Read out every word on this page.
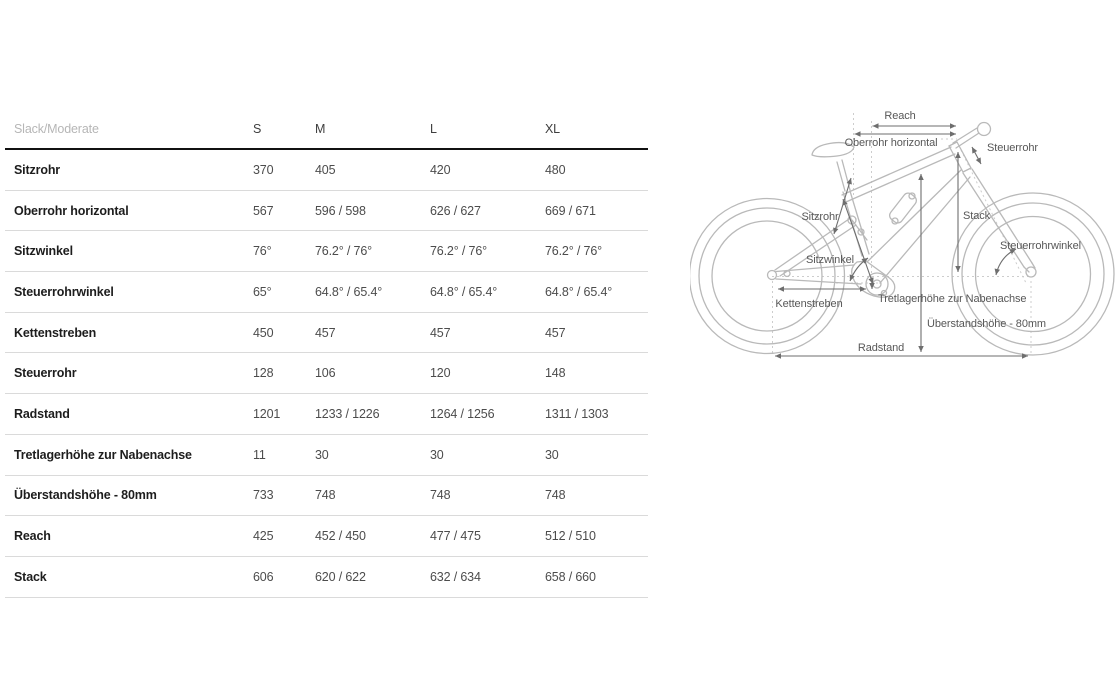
Slack/Moderate	S	M	L	XL
Sitzrohr	370	405	420	480
Oberrohr horizontal	567	596 / 598	626 / 627	669 / 671
Sitzwinkel	76°	76.2° / 76°	76.2° / 76°	76.2° / 76°
Steuerrohrwinkel	65°	64.8° / 65.4°	64.8° / 65.4°	64.8° / 65.4°
Kettenstreben	450	457	457	457
Steuerrohr	128	106	120	148
Radstand	1201	1233 / 1226	1264 / 1256	1311 / 1303
Tretlagerhöhe zur Nabenachse	11	30	30	30
Überstandshöhe - 80mm	733	748	748	748
Reach	425	452 / 450	477 / 475	512 / 510
Stack	606	620 / 622	632 / 634	658 / 660
Reach
Oberrohr horizontal	Steuerrohr
Stack
Sitzrohr
Sitzwinkel
Steuerrohrwinkel
Kettenstreben	Tretlagerhöhe zur Nabenachse
Überstandshöhe - 80mm
Radstand
